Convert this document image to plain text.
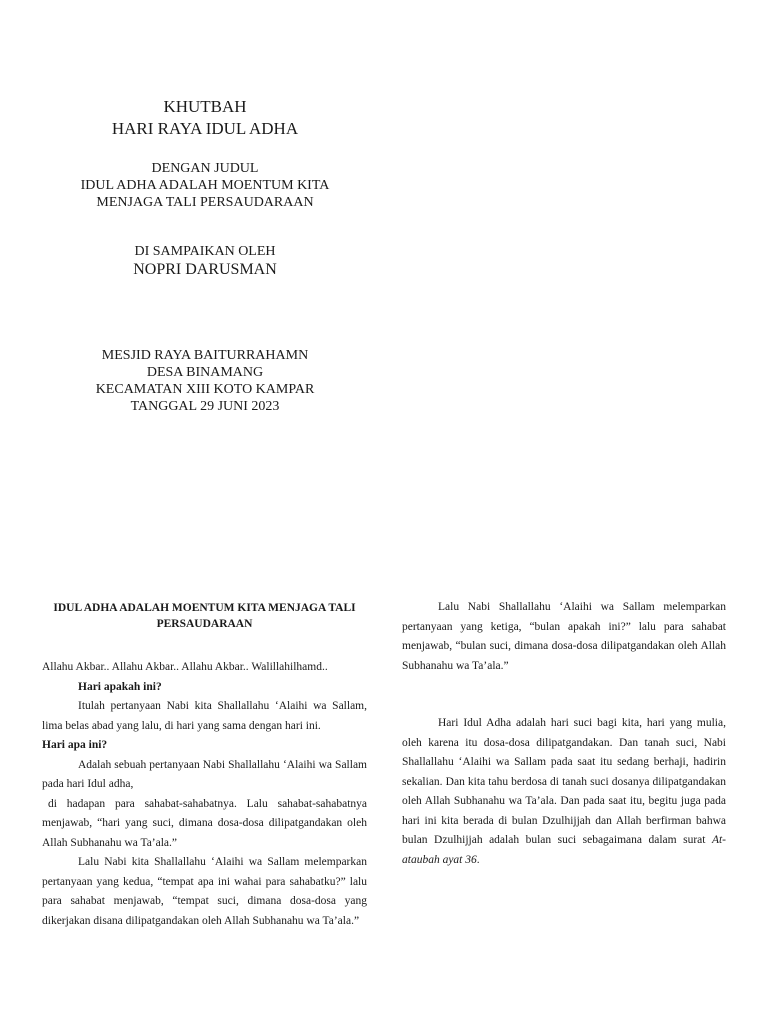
KHUTBAH
HARI RAYA IDUL ADHA
DENGAN JUDUL
IDUL ADHA ADALAH MOENTUM KITA
MENJAGA TALI PERSAUDARAAN
DI SAMPAIKAN OLEH
NOPRI DARUSMAN
MESJID RAYA BAITURRAHAMN
DESA BINAMANG
KECAMATAN XIII KOTO KAMPAR
TANGGAL 29 JUNI 2023
IDUL ADHA ADALAH MOENTUM KITA MENJAGA TALI
PERSAUDARAAN

Allahu Akbar.. Allahu Akbar.. Allahu Akbar.. Walillahilhamd..

Hari apakah ini?

Itulah pertanyaan Nabi kita Shallallahu ‘Alaihi wa Sallam, lima belas abad yang lalu, di hari yang sama dengan hari ini.

Hari apa ini?

Adalah sebuah pertanyaan Nabi Shallallahu ‘Alaihi wa Sallam pada hari Idul adha,

di hadapan para sahabat-sahabatnya. Lalu sahabat-sahabatnya menjawab, “hari yang suci, dimana dosa-dosa dilipatgandakan oleh Allah Subhanahu wa Ta’ala.”

Lalu Nabi kita Shallallahu ‘Alaihi wa Sallam melemparkan pertanyaan yang kedua, “tempat apa ini wahai para sahabatku?” lalu para sahabat menjawab, “tempat suci, dimana dosa-dosa yang dikerjakan disana dilipatgandakan oleh Allah Subhanahu wa Ta’ala.”

Lalu Nabi Shallallahu ‘Alaihi wa Sallam melemparkan pertanyaan yang ketiga, “bulan apakah ini?” lalu para sahabat menjawab, “bulan suci, dimana dosa-dosa dilipatgandakan oleh Allah Subhanahu wa Ta’ala.”

Hari Idul Adha adalah hari suci bagi kita, hari yang mulia, oleh karena itu dosa-dosa dilipatgandakan. Dan tanah suci, Nabi Shallallahu ‘Alaihi wa Sallam pada saat itu sedang berhaji, hadirin sekalian. Dan kita tahu berdosa di tanah suci dosanya dilipatgandakan oleh Allah Subhanahu wa Ta’ala. Dan pada saat itu, begitu juga pada hari ini kita berada di bulan Dzulhijjah dan Allah berfirman bahwa bulan Dzulhijjah adalah bulan suci sebagaimana dalam surat At-ataubah ayat 36.
